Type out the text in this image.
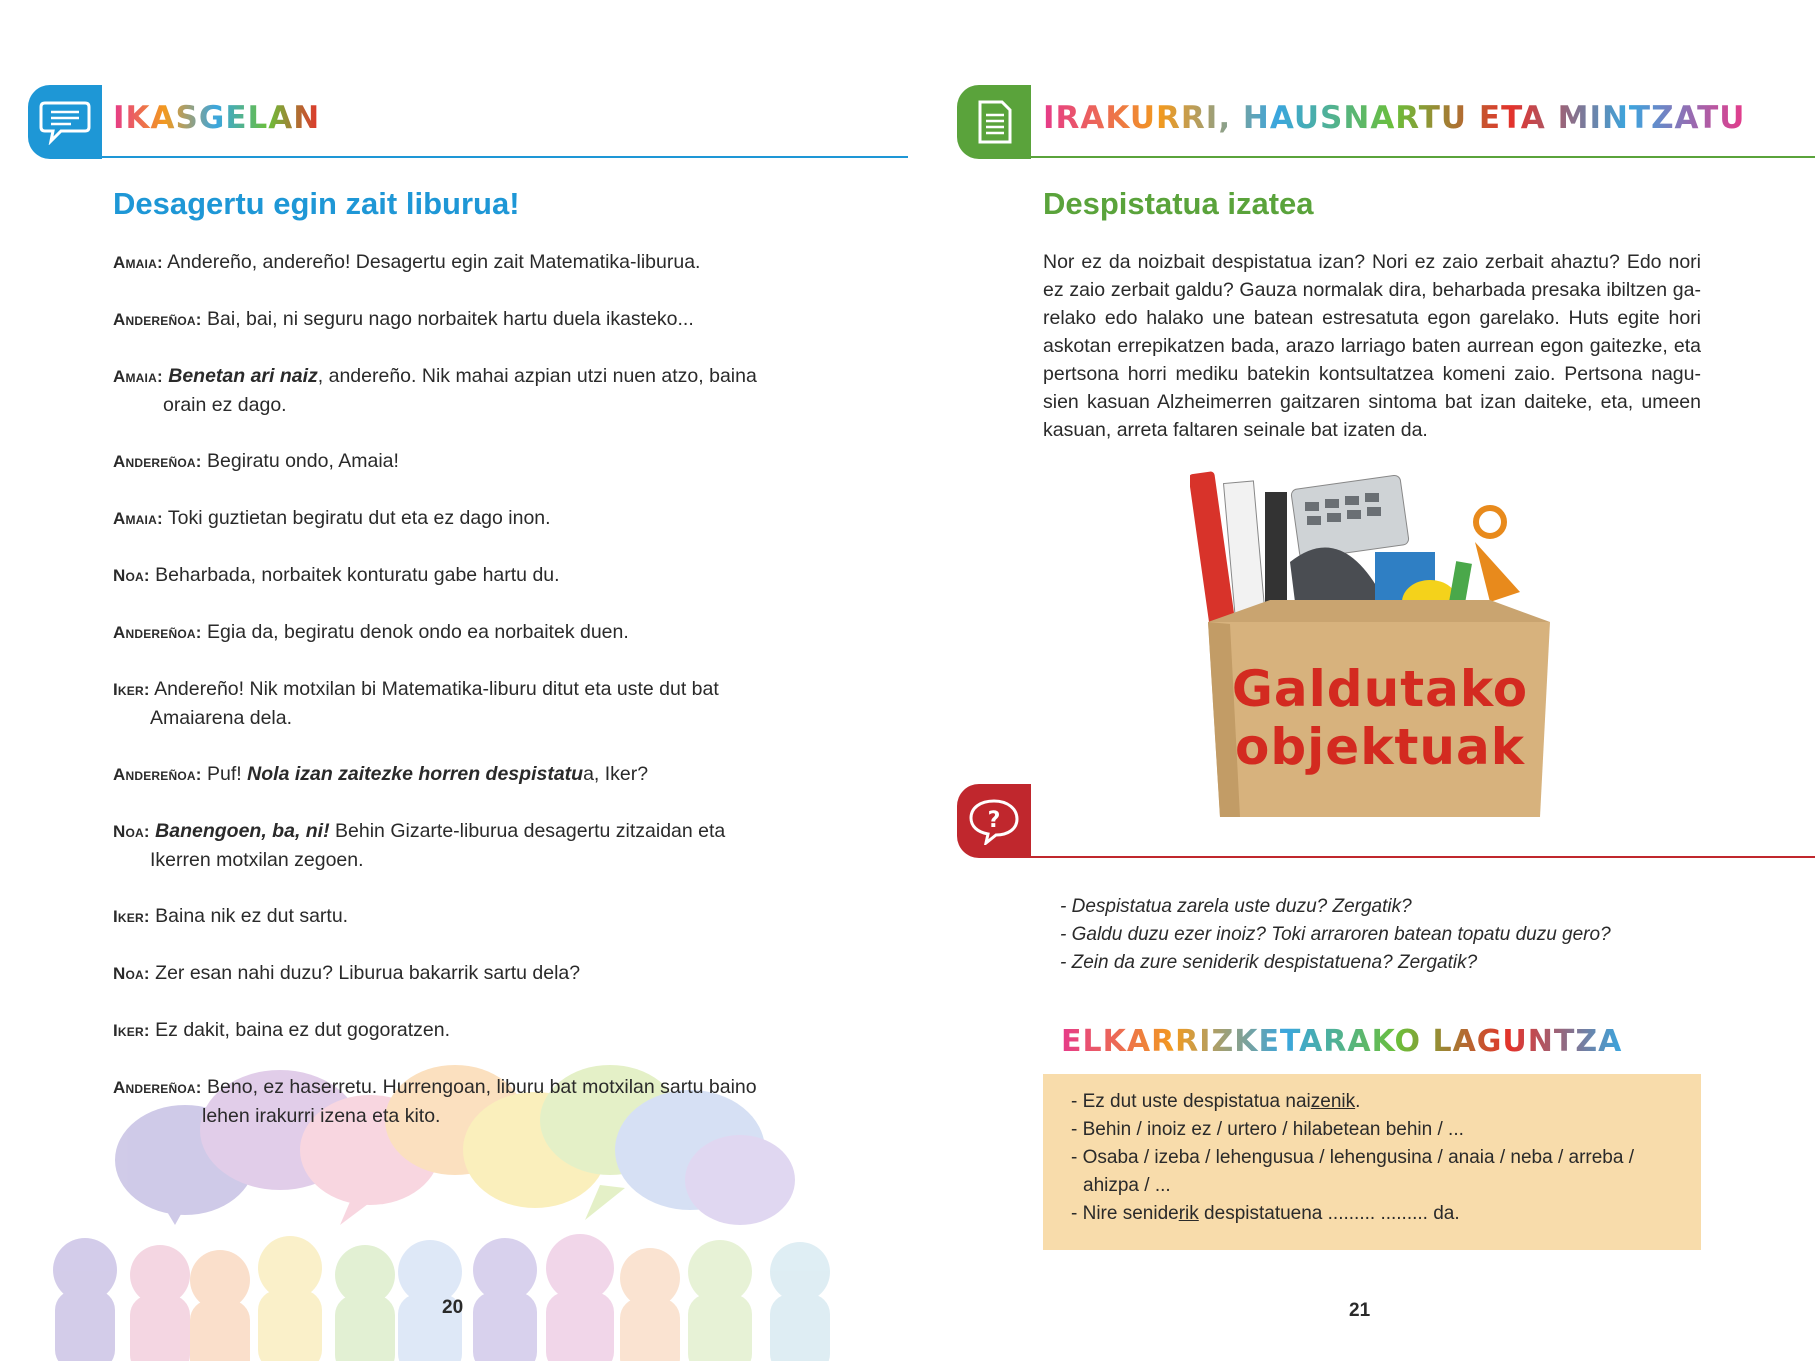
IKASGELAN
Desagertu egin zait liburua!
Amaia: Andereño, andereño! Desagertu egin zait Matematika-liburua.
Andereñoa: Bai, bai, ni seguru nago norbaitek hartu duela ikasteko...
Amaia: Benetan ari naiz, andereño. Nik mahai azpian utzi nuen atzo, baina
orain ez dago.
Andereñoa: Begiratu ondo, Amaia!
Amaia: Toki guztietan begiratu dut eta ez dago inon.
Noa: Beharbada, norbaitek konturatu gabe hartu du.
Andereñoa: Egia da, begiratu denok ondo ea norbaitek duen.
Iker: Andereño! Nik motxilan bi Matematika-liburu ditut eta uste dut bat
Amaiarena dela.
Andereñoa: Puf! Nola izan zaitezke horren despistatua, Iker?
Noa: Banengoen, ba, ni! Behin Gizarte-liburua desagertu zitzaidan eta
Ikerren motxilan zegoen.
Iker: Baina nik ez dut sartu.
Noa: Zer esan nahi duzu? Liburua bakarrik sartu dela?
Iker: Ez dakit, baina ez dut gogoratzen.
Andereñoa: Beno, ez haserretu. Hurrengoan, liburu bat motxilan sartu baino
lehen irakurri izena eta kito.
20
IRAKURRI, HAUSNARTU ETA MINTZATU
Despistatua izatea
Nor ez da noizbait despistatua izan? Nori ez zaio zerbait ahaztu? Edo nori ez zaio zerbait galdu? Gauza normalak dira, beharbada presaka ibiltzen garelako edo halako une batean estresatuta egon garelako. Huts egite hori askotan errepikatzen bada, arazo larriago baten aurrean egon gaitezke, eta pertsona horri mediku batekin kontsultatzea komeni zaio. Pertsona nagusien kasuan Alzheimerren gaitzaren sintoma bat izan daiteke, eta, umeen kasuan, arreta faltaren seinale bat izaten da.
Galdutako
objektuak
?
- Despistatua zarela uste duzu? Zergatik?
- Galdu duzu ezer inoiz? Toki arraroren batean topatu duzu gero?
- Zein da zure seniderik despistatuena? Zergatik?
ELKARRIZKETARAKO LAGUNTZA
- Ez dut uste despistatua naizenik.
- Behin / inoiz ez / urtero / hilabetean behin / ...
- Osaba / izeba / lehengusua / lehengusina / anaia / neba / arreba / ahizpa / ...
- Nire seniderik despistatuena ......... ......... da.
21
